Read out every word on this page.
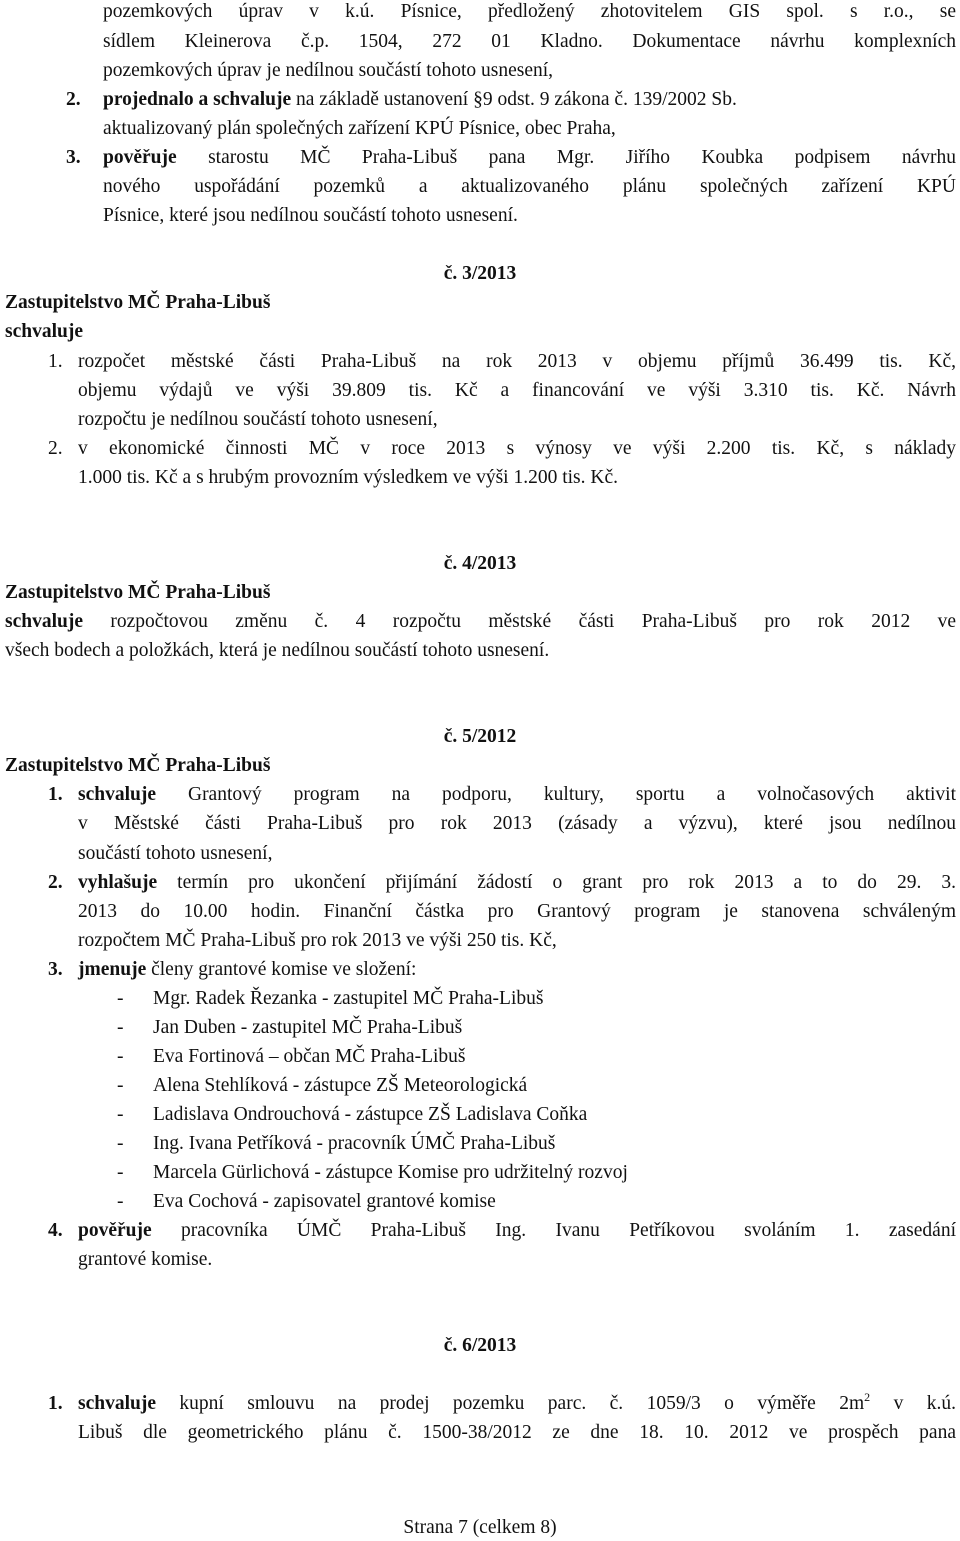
pozemkových úprav v k.ú. Písnice, předložený zhotovitelem GIS spol. s r.o., se
sídlem Kleinerova č.p. 1504, 272 01 Kladno. Dokumentace návrhu komplexních
pozemkových úprav je nedílnou součástí tohoto usnesení,
2. projednalo a schvaluje na základě ustanovení §9 odst. 9 zákona č. 139/2002 Sb.
aktualizovaný plán společných zařízení KPÚ Písnice, obec Praha,
3. pověřuje starostu MČ Praha-Libuš pana Mgr. Jiřího Koubka podpisem návrhu
nového uspořádání pozemků a aktualizovaného plánu společných zařízení KPÚ
Písnice, které jsou nedílnou součástí tohoto usnesení.
č. 3/2013
Zastupitelstvo MČ Praha-Libuš
schvaluje
1. rozpočet městské části Praha-Libuš na rok 2013 v objemu příjmů 36.499 tis. Kč,
objemu výdajů ve výši 39.809 tis. Kč a financování ve výši 3.310 tis. Kč. Návrh
rozpočtu je nedílnou součástí tohoto usnesení,
2. v ekonomické činnosti MČ v roce 2013 s výnosy ve výši 2.200 tis. Kč, s náklady
1.000 tis. Kč a s hrubým provozním výsledkem ve výši 1.200 tis. Kč.
č. 4/2013
Zastupitelstvo MČ Praha-Libuš
schvaluje rozpočtovou změnu č. 4 rozpočtu městské části Praha-Libuš pro rok 2012 ve
všech bodech a položkách, která je nedílnou součástí tohoto usnesení.
č. 5/2012
Zastupitelstvo MČ Praha-Libuš
1. schvaluje Grantový program na podporu, kultury, sportu a volnočasových aktivit
v Městské části Praha-Libuš pro rok 2013 (zásady a výzvu), které jsou nedílnou
součástí tohoto usnesení,
2. vyhlašuje termín pro ukončení přijímání žádostí o grant pro rok 2013 a to do 29. 3.
2013 do 10.00 hodin. Finanční částka pro Grantový program je stanovena schváleným
rozpočtem MČ Praha-Libuš pro rok 2013 ve výši 250 tis. Kč,
3. jmenuje členy grantové komise ve složení:
- Mgr. Radek Řezanka - zastupitel MČ Praha-Libuš
- Jan Duben - zastupitel MČ Praha-Libuš
- Eva Fortinová – občan MČ Praha-Libuš
- Alena Stehlíková - zástupce ZŠ Meteorologická
- Ladislava Ondrouchová - zástupce ZŠ Ladislava Coňka
- Ing. Ivana Petříková - pracovník ÚMČ Praha-Libuš
- Marcela Gürlichová - zástupce Komise pro udržitelný rozvoj
- Eva Cochová - zapisovatel grantové komise
4. pověřuje pracovníka ÚMČ Praha-Libuš Ing. Ivanu Petříkovou svoláním 1. zasedání
grantové komise.
č. 6/2013
1. schvaluje kupní smlouvu na prodej pozemku parc. č. 1059/3 o výměře $2m^2$ v k.ú.
Libuš dle geometrického plánu č. 1500-38/2012 ze dne 18. 10. 2012 ve prospěch pana
Strana 7 (celkem 8)
